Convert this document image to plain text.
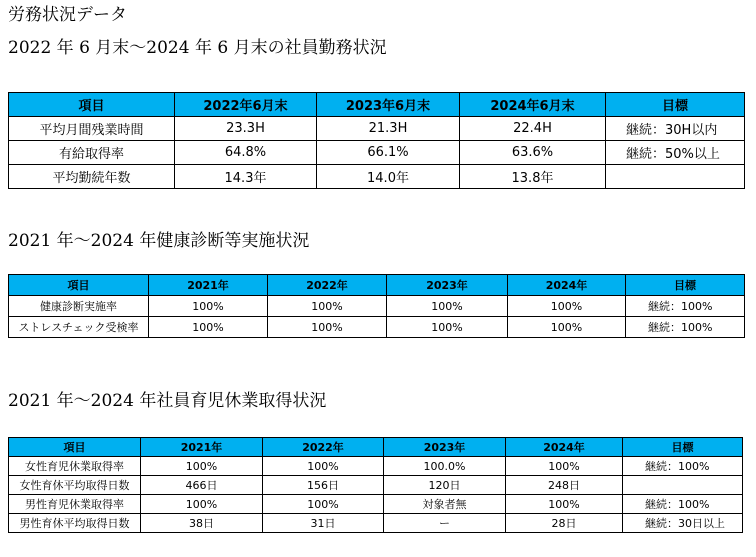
労務状況データ
2022 年 6 月末～2024 年 6 月末の社員勤務状況
項目	2022年6月末	2023年6月末	2024年6月末	目標
平均月間残業時間	23.3H	21.3H	22.4H	継続：30H以内
有給取得率	64.8%	66.1%	63.6%	継続：50%以上
平均勤続年数	14.3年	14.0年	13.8年	
2021 年～2024 年健康診断等実施状況
項目	2021年	2022年	2023年	2024年	目標
健康診断実施率	100%	100%	100%	100%	継続：100%
ストレスチェック受検率	100%	100%	100%	100%	継続：100%
2021 年～2024 年社員育児休業取得状況
項目	2021年	2022年	2023年	2024年	目標
女性育児休業取得率	100%	100%	100.0%	100%	継続：100%
女性育休平均取得日数	466日	156日	120日	248日	
男性育児休業取得率	100%	100%	対象者無	100%	継続：100%
男性育休平均取得日数	38日	31日	ー	28日	継続：30日以上
